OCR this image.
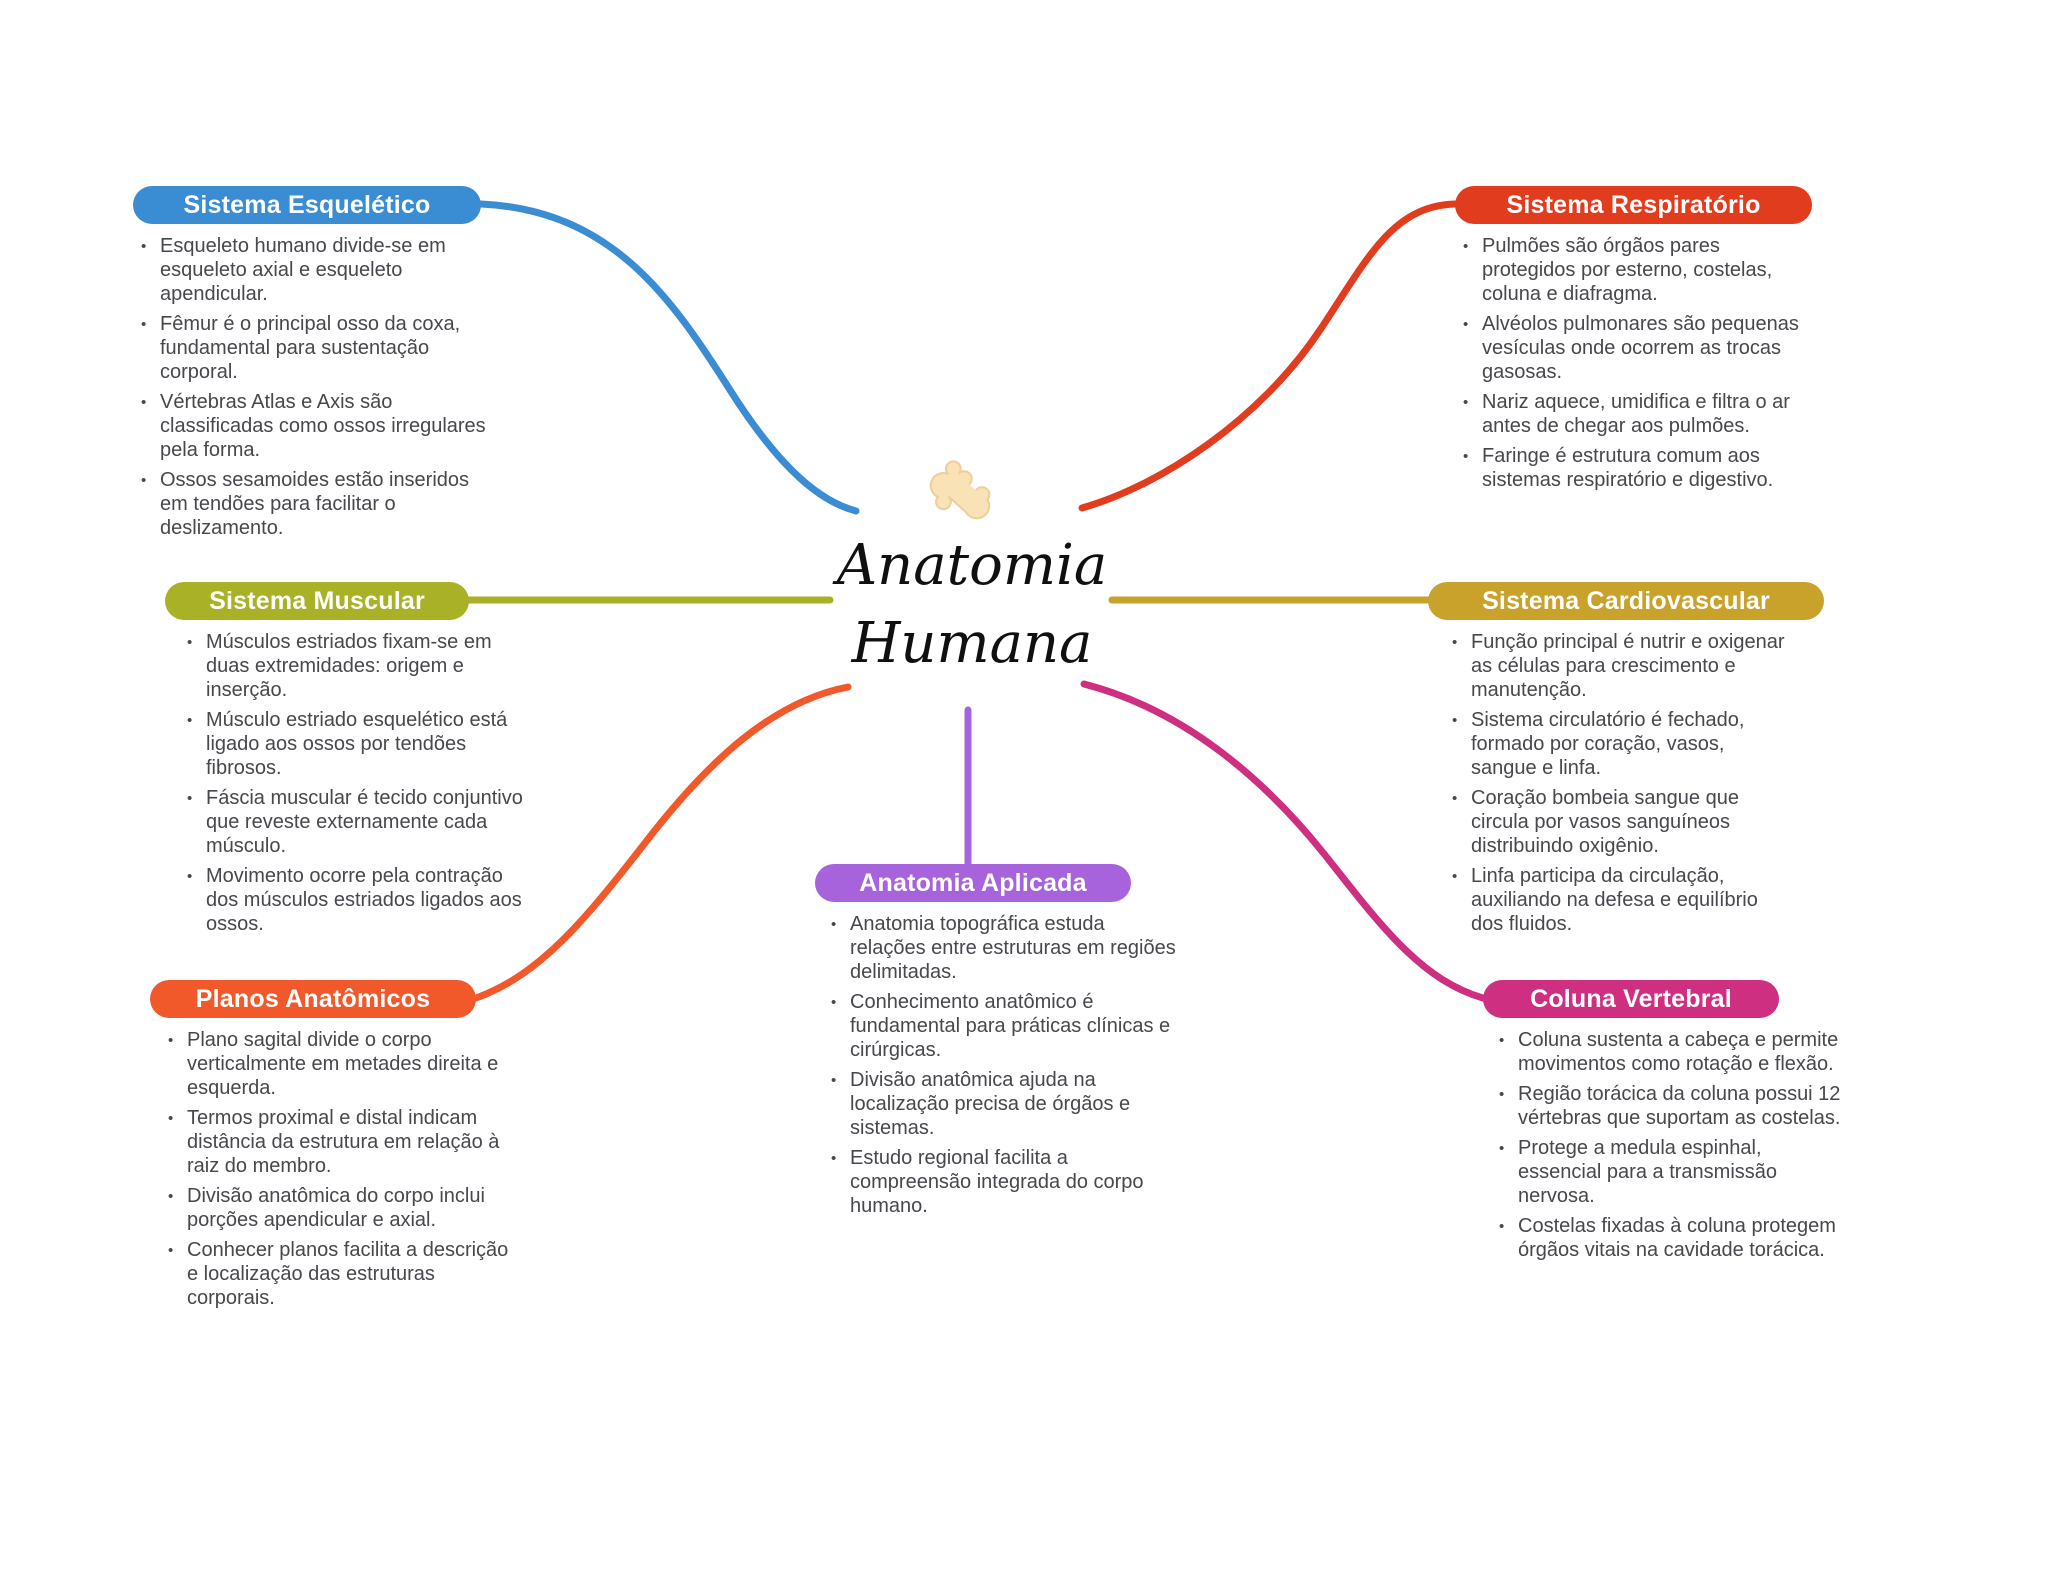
Anatomia
Humana
Sistema Esquelético
• Esqueleto humano divide-se em esqueleto axial e esqueleto apendicular.
• Fêmur é o principal osso da coxa, fundamental para sustentação corporal.
• Vértebras Atlas e Axis são classificadas como ossos irregulares pela forma.
• Ossos sesamoides estão inseridos em tendões para facilitar o deslizamento.
Sistema Respiratório
• Pulmões são órgãos pares protegidos por esterno, costelas, coluna e diafragma.
• Alvéolos pulmonares são pequenas vesículas onde ocorrem as trocas gasosas.
• Nariz aquece, umidifica e filtra o ar antes de chegar aos pulmões.
• Faringe é estrutura comum aos sistemas respiratório e digestivo.
Sistema Muscular
• Músculos estriados fixam-se em duas extremidades: origem e inserção.
• Músculo estriado esquelético está ligado aos ossos por tendões fibrosos.
• Fáscia muscular é tecido conjuntivo que reveste externamente cada músculo.
• Movimento ocorre pela contração dos músculos estriados ligados aos ossos.
Sistema Cardiovascular
• Função principal é nutrir e oxigenar as células para crescimento e manutenção.
• Sistema circulatório é fechado, formado por coração, vasos, sangue e linfa.
• Coração bombeia sangue que circula por vasos sanguíneos distribuindo oxigênio.
• Linfa participa da circulação, auxiliando na defesa e equilíbrio dos fluidos.
Planos Anatômicos
• Plano sagital divide o corpo verticalmente em metades direita e esquerda.
• Termos proximal e distal indicam distância da estrutura em relação à raiz do membro.
• Divisão anatômica do corpo inclui porções apendicular e axial.
• Conhecer planos facilita a descrição e localização das estruturas corporais.
Coluna Vertebral
• Coluna sustenta a cabeça e permite movimentos como rotação e flexão.
• Região torácica da coluna possui 12 vértebras que suportam as costelas.
• Protege a medula espinhal, essencial para a transmissão nervosa.
• Costelas fixadas à coluna protegem órgãos vitais na cavidade torácica.
Anatomia Aplicada
• Anatomia topográfica estuda relações entre estruturas em regiões delimitadas.
• Conhecimento anatômico é fundamental para práticas clínicas e cirúrgicas.
• Divisão anatômica ajuda na localização precisa de órgãos e sistemas.
• Estudo regional facilita a compreensão integrada do corpo humano.
